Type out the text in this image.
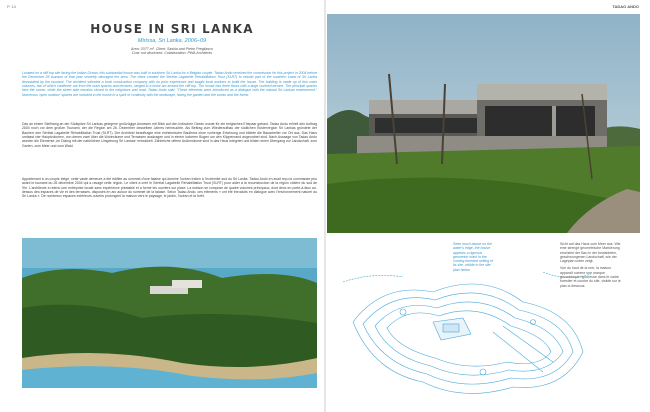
P. 14	TADAO ANDO
HOUSE IN SRI LANKA
Mirissa, Sri Lanka, 2006–09
Area: 2077 m². Client: Saskia and Pietro Pregliasco
Cost: not disclosed. Collaboration: PWA Architects
Located on a cliff top site facing the Indian Ocean, this substantial house was built in southern Sri Lanka for a Belgian couple. Tadao Ando received the commission for this project in 2004 before the December 26 tsunami of that year severely damaged the area. The client created the Sérélat Lagabelle Rehabilitation Trust (SLRT) to rebuild part of the southern coast of Sri Lanka devastated by the tsunami. The architect selected a local construction company with no prior experience and taught local workers to build the house. The building is made up of four main volumes, two of which cantilever out from the main spaces and terraces, ranged in a loose arc around the cliff top. The house has three floors with a large covered terrace. The principal spaces face the ocean, while the street side remains closed to the neighbors and road. Tadao Ando said: “These elements were introduced as a dialogue with the natural Sri Lankan environment.” Numerous 'open outdoor' spaces are included in the house in a spirit of continuity with the landscape, facing the garden and the ocean and the forest.
Das an einem Steilhang an der Südspitze Sri Lankas gelegene großzügige Anwesen mit Blick auf den Indischen Ozean wurde für ein belgisches Ehepaar gebaut. Tadao Ando erhielt den Auftrag 2004 noch vor dem großen Tsunami, der die Region am 26. Dezember desselben Jahres heimsuchte. Als Beitrag zum Wiederaufbau der südlichen Küstenregion Sri Lankas gründete der Bauherr den Sérélat Lagabelle Rehabilitation Trust (SLRT). Der Architekt beauftragte eine einheimische Baufirma ohne vorherige Erfahrung und bildete die Bauarbeiter vor Ort aus. Das Haus umfasst vier Hauptvolumen, von denen zwei über die Wohnräume und Terrassen auskragen und in einem lockeren Bogen um den Klippenrand angeordnet sind. Nach Aussage von Tadao Ando wurden die Elemente „im Dialog mit der natürlichen Umgebung Sri Lankas“ entwickelt. Zahlreiche offene Außenräume sind in das Haus integriert und bilden einen Übergang zur Landschaft, zum Garten, zum Meer und zum Wald.
Appartenant à un couple belge, cette vaste demeure a été édifiée au sommet d'une falaise qui domine l'océan Indien à l'extrémité sud du Sri Lanka. Tadao Ando en avait reçu la commande peu avant le tsunami du 26 décembre 2004 qui a ravagé cette région. Le client a créé le Sérélat Lagabelle Rehabilitation Trust (SLRT) pour aider à la reconstruction de la région côtière du sud de l'île. L'architecte a retenu une entreprise locale sans expérience préalable et a formé les ouvriers sur place. La maison se compose de quatre volumes principaux, dont deux en porte-à-faux au-dessus des espaces de vie et des terrasses, disposés en arc autour du sommet de la falaise. Selon Tadao Ando, ces éléments « ont été introduits en dialogue avec l'environnement naturel du Sri Lanka ». De nombreux espaces extérieurs ouverts prolongent la maison vers le paysage, le jardin, l'océan et la forêt.
Seen much above on the water's edge, the house appears a rigorous geometric mark in the curving forested setting of its site, visible in the site plan below.

Sicht auf das Haus vom Meer aus. Wie eine strenge geometrische Markierung erscheint der Bau in der bewaldeten, geschwungenen Landschaft, wie der Lageplan unten zeigt.

Vue du haut de la mer, la maison apparaît comme une marque géométrique rigoureuse dans le cadre forestier et courbe du site, visible sur le plan ci-dessous.
